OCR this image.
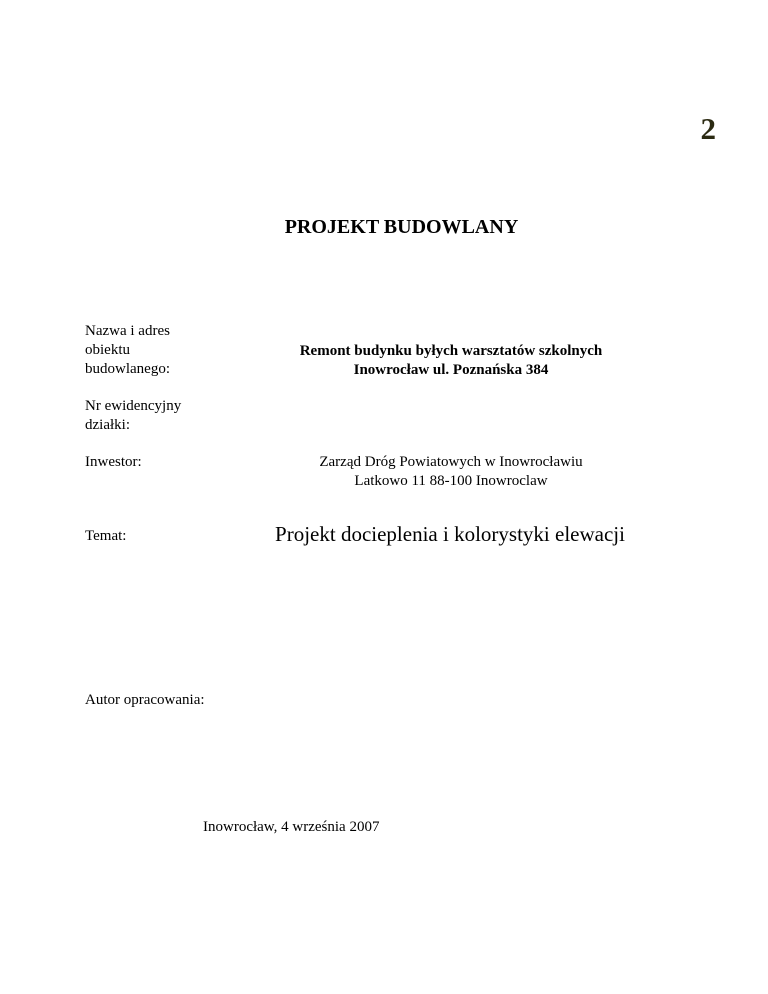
2
PROJEKT BUDOWLANY
Nazwa i adres
obiektu
budowlanego:
Remont budynku byłych warsztatów szkolnych
Inowrocław ul. Poznańska 384
Nr ewidencyjny
działki:
Inwestor:	Zarząd Dróg Powiatowych w Inowrocławiu
Latkowo 11 88-100 Inowroclaw
Temat:	Projekt docieplenia i kolorystyki elewacji
Autor opracowania:
Inowrocław, 4 września 2007
